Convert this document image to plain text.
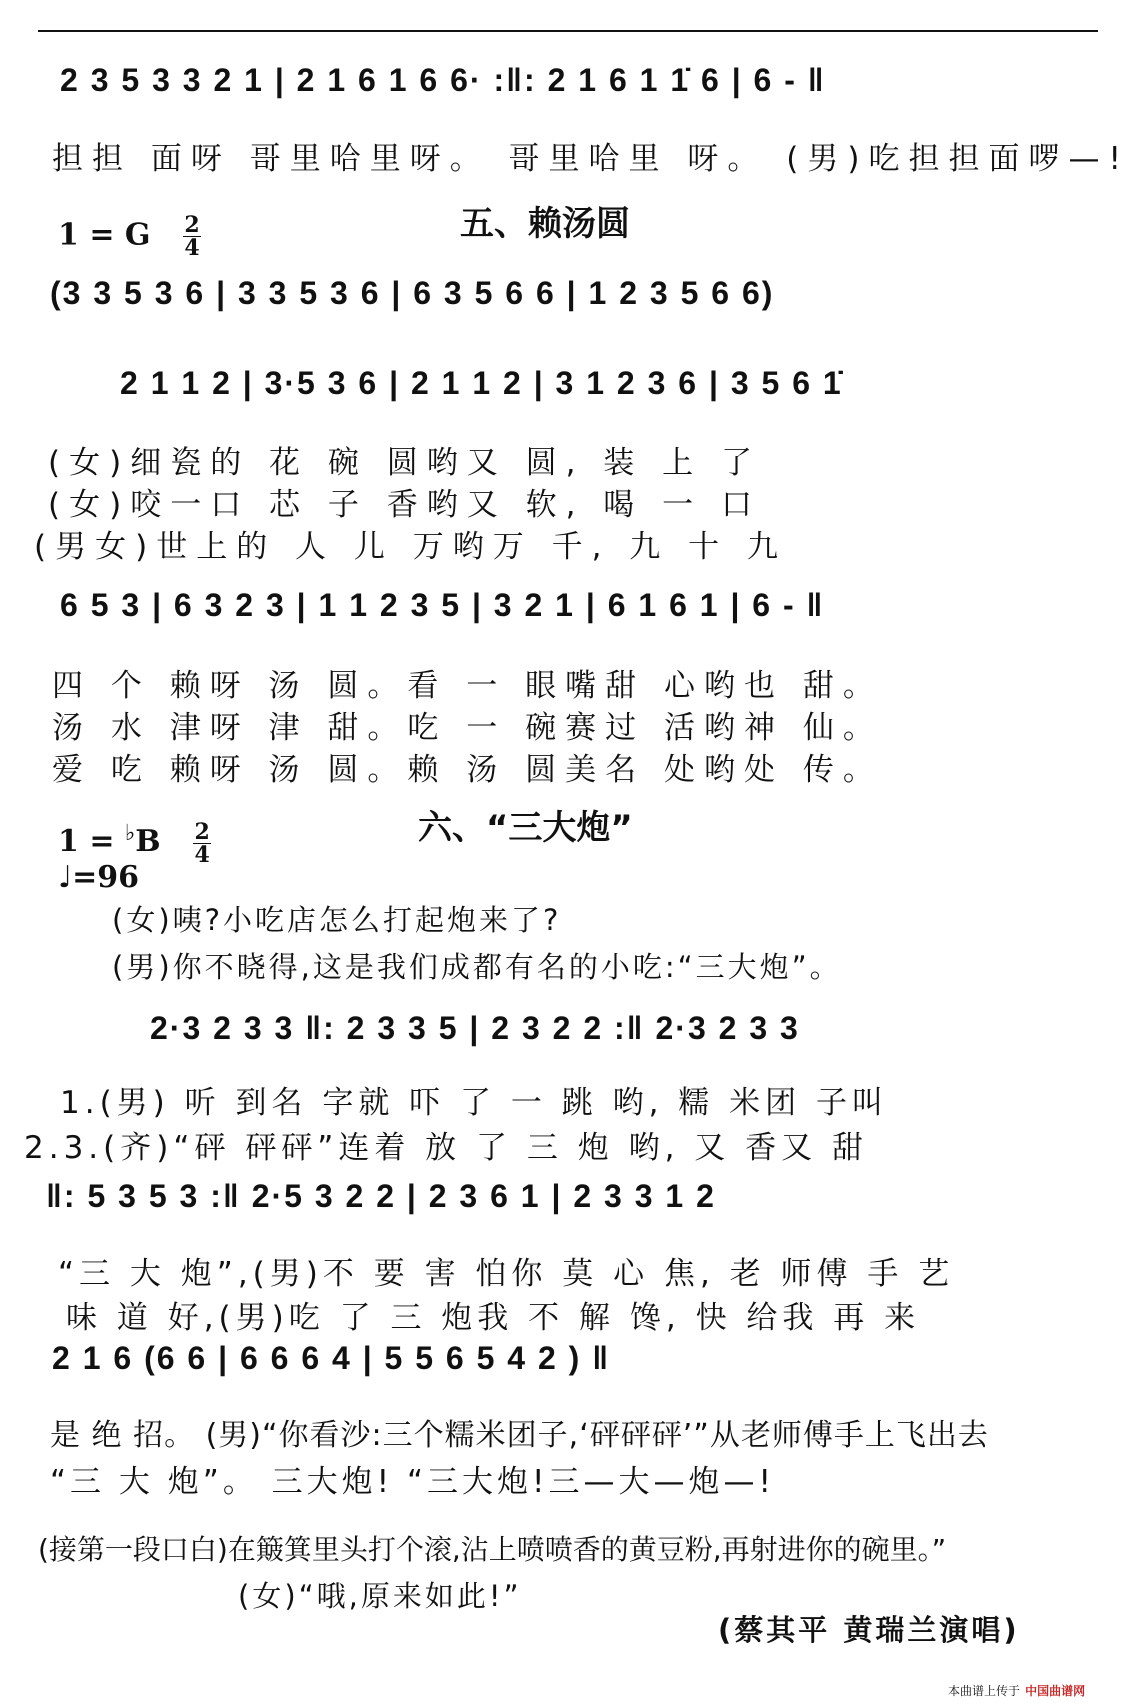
2 3 5 3 3 2 1 | 2 1 6 1 6 6· :‖: 2 1 6 1 1̇ 6 | 6 - ‖
担担 面呀 哥里哈里呀。 哥里哈里 呀。 (男)吃担担面啰—!
1 = G $\frac{2}{4}$	五、赖汤圆
(3 3 5 3 6 | 3 3 5 3 6 | 6 3 5 6 6 | 1 2 3 5 6 6)
2 1 1 2 | 3·5 3 6 | 2 1 1 2 | 3 1 2 3 6 | 3 5 6 1̇
(女)细瓷的 花 碗 圆哟又 圆, 装 上 了
(女)咬一口 芯 子 香哟又 软, 喝 一 口
(男女)世上的 人 儿 万哟万 千, 九 十 九
6 5 3 | 6 3 2 3 | 1 1 2 3 5 | 3 2 1 | 6 1 6 1 | 6 - ‖
四 个 赖呀 汤 圆。看 一 眼嘴甜 心哟也 甜。
汤 水 津呀 津 甜。吃 一 碗赛过 活哟神 仙。
爱 吃 赖呀 汤 圆。赖 汤 圆美名 处哟处 传。
$1 = ^♭B \frac{2}{4}$	六、“三大炮”
♩=96
(女)咦?小吃店怎么打起炮来了?
(男)你不晓得,这是我们成都有名的小吃:“三大炮”。
2·3 2 3 3 ‖: 2 3 3 5 | 2 3 2 2 :‖ 2·3 2 3 3
1.(男) 听 到名 字就 吓 了 一 跳 哟, 糯 米团 子叫
2.3.(齐)“砰 砰砰”连着 放 了 三 炮 哟, 又 香又 甜
‖: 5 3 5 3 :‖ 2·5 3 2 2 | 2 3 6 1 | 2 3 3 1 2
“三 大 炮”,(男)不 要 害 怕你 莫 心 焦, 老 师傅 手 艺
味 道 好,(男)吃 了 三 炮我 不 解 馋, 快 给我 再 来
2 1 6 (6 6 | 6 6 6 4 | 5 5 6 5 4 2 ) ‖
是 绝 招。 (男)“你看沙:三个糯米团子,‘砰砰砰’”从老师傅手上飞出去
“三 大 炮”。 三大炮! “三大炮!三—大—炮—!
(接第一段口白)在簸箕里头打个滚,沾上喷喷香的黄豆粉,再射进你的碗里。”
(女)“哦,原来如此!”
(蔡其平 黄瑞兰演唱)
本曲谱上传于 中国曲谱网
